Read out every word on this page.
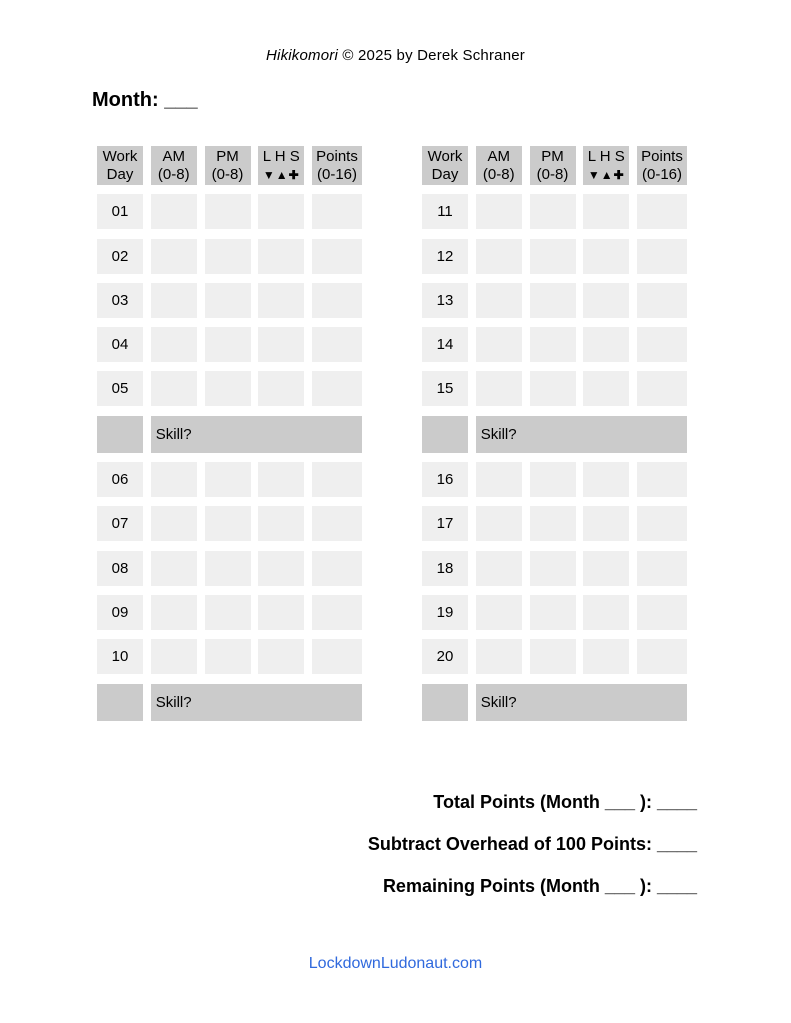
Hikikomori © 2025 by Derek Schraner
Month: ___
Work
Day
AM
(0-8)
PM
(0-8)
L H S
▼▲✚
Points
(0-16)
01
02
03
04
05
Skill?
06
07
08
09
10
Skill?
Work
Day
AM
(0-8)
PM
(0-8)
L H S
▼▲✚
Points
(0-16)
11
12
13
14
15
Skill?
16
17
18
19
20
Skill?
Total Points (Month ___ ): ____
Subtract Overhead of 100 Points: ____
Remaining Points (Month ___ ): ____
LockdownLudonaut.com
